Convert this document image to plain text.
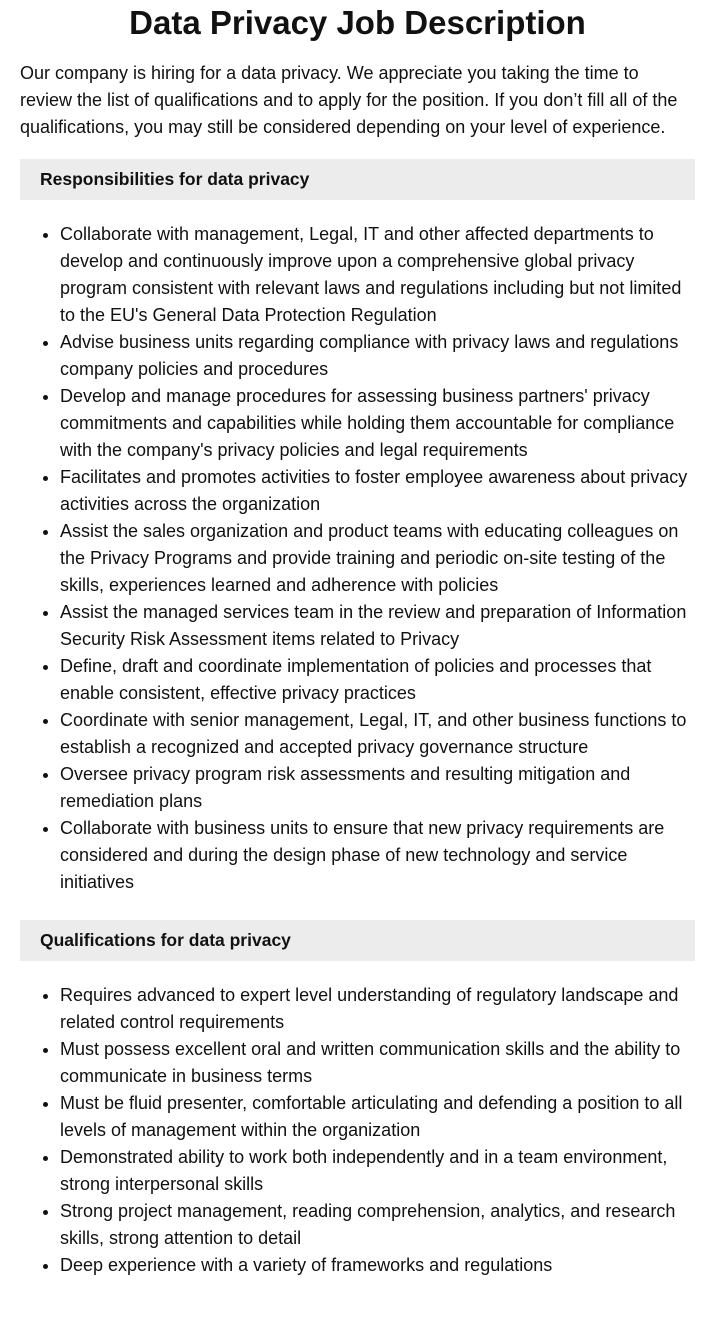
Data Privacy Job Description

Our company is hiring for a data privacy. We appreciate you taking the time to review the list of qualifications and to apply for the position. If you don’t fill all of the qualifications, you may still be considered depending on your level of experience.

Responsibilities for data privacy
• Collaborate with management, Legal, IT and other affected departments to develop and continuously improve upon a comprehensive global privacy program consistent with relevant laws and regulations including but not limited to the EU's General Data Protection Regulation
• Advise business units regarding compliance with privacy laws and regulations company policies and procedures
• Develop and manage procedures for assessing business partners' privacy commitments and capabilities while holding them accountable for compliance with the company's privacy policies and legal requirements
• Facilitates and promotes activities to foster employee awareness about privacy activities across the organization
• Assist the sales organization and product teams with educating colleagues on the Privacy Programs and provide training and periodic on-site testing of the skills, experiences learned and adherence with policies
• Assist the managed services team in the review and preparation of Information Security Risk Assessment items related to Privacy
• Define, draft and coordinate implementation of policies and processes that enable consistent, effective privacy practices
• Coordinate with senior management, Legal, IT, and other business functions to establish a recognized and accepted privacy governance structure
• Oversee privacy program risk assessments and resulting mitigation and remediation plans
• Collaborate with business units to ensure that new privacy requirements are considered and during the design phase of new technology and service initiatives
Qualifications for data privacy
• Requires advanced to expert level understanding of regulatory landscape and related control requirements
• Must possess excellent oral and written communication skills and the ability to communicate in business terms
• Must be fluid presenter, comfortable articulating and defending a position to all levels of management within the organization
• Demonstrated ability to work both independently and in a team environment, strong interpersonal skills
• Strong project management, reading comprehension, analytics, and research skills, strong attention to detail
• Deep experience with a variety of frameworks and regulations
